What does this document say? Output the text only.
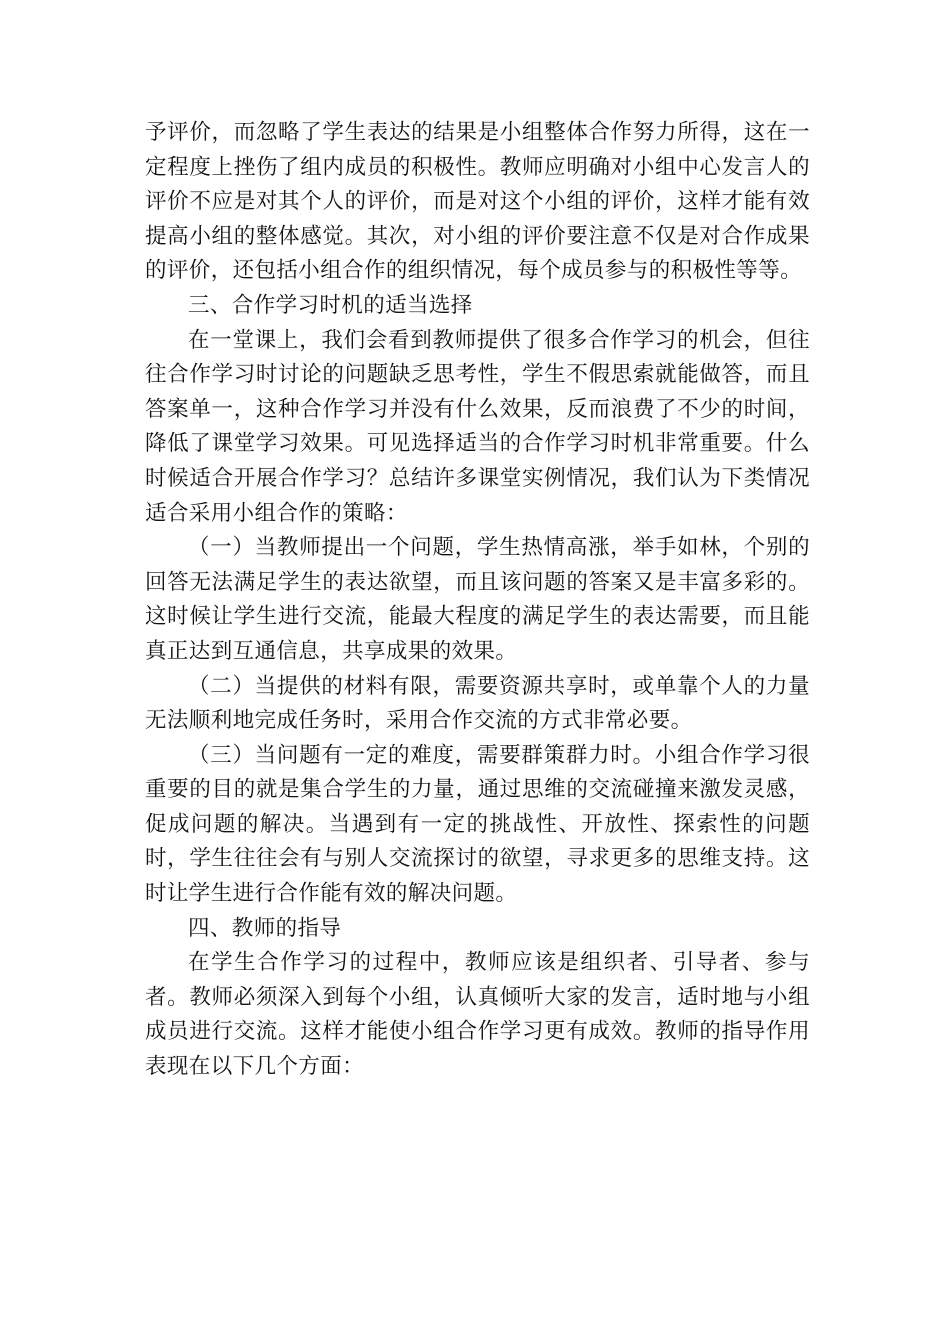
予评价，而忽略了学生表达的结果是小组整体合作努力所得，这在一定程度上挫伤了组内成员的积极性。教师应明确对小组中心发言人的评价不应是对其个人的评价，而是对这个小组的评价，这样才能有效提高小组的整体感觉。其次，对小组的评价要注意不仅是对合作成果的评价，还包括小组合作的组织情况，每个成员参与的积极性等等。

三、合作学习时机的适当选择

在一堂课上，我们会看到教师提供了很多合作学习的机会，但往往合作学习时讨论的问题缺乏思考性，学生不假思索就能做答，而且答案单一，这种合作学习并没有什么效果，反而浪费了不少的时间，降低了课堂学习效果。可见选择适当的合作学习时机非常重要。什么时候适合开展合作学习？总结许多课堂实例情况，我们认为下类情况适合采用小组合作的策略：

（一）当教师提出一个问题，学生热情高涨，举手如林，个别的回答无法满足学生的表达欲望，而且该问题的答案又是丰富多彩的。这时候让学生进行交流，能最大程度的满足学生的表达需要，而且能真正达到互通信息，共享成果的效果。

（二）当提供的材料有限，需要资源共享时，或单靠个人的力量无法顺利地完成任务时，采用合作交流的方式非常必要。

（三）当问题有一定的难度，需要群策群力时。小组合作学习很重要的目的就是集合学生的力量，通过思维的交流碰撞来激发灵感，促成问题的解决。当遇到有一定的挑战性、开放性、探索性的问题时，学生往往会有与别人交流探讨的欲望，寻求更多的思维支持。这时让学生进行合作能有效的解决问题。

四、教师的指导

在学生合作学习的过程中，教师应该是组织者、引导者、参与者。教师必须深入到每个小组，认真倾听大家的发言，适时地与小组成员进行交流。这样才能使小组合作学习更有成效。教师的指导作用表现在以下几个方面：
